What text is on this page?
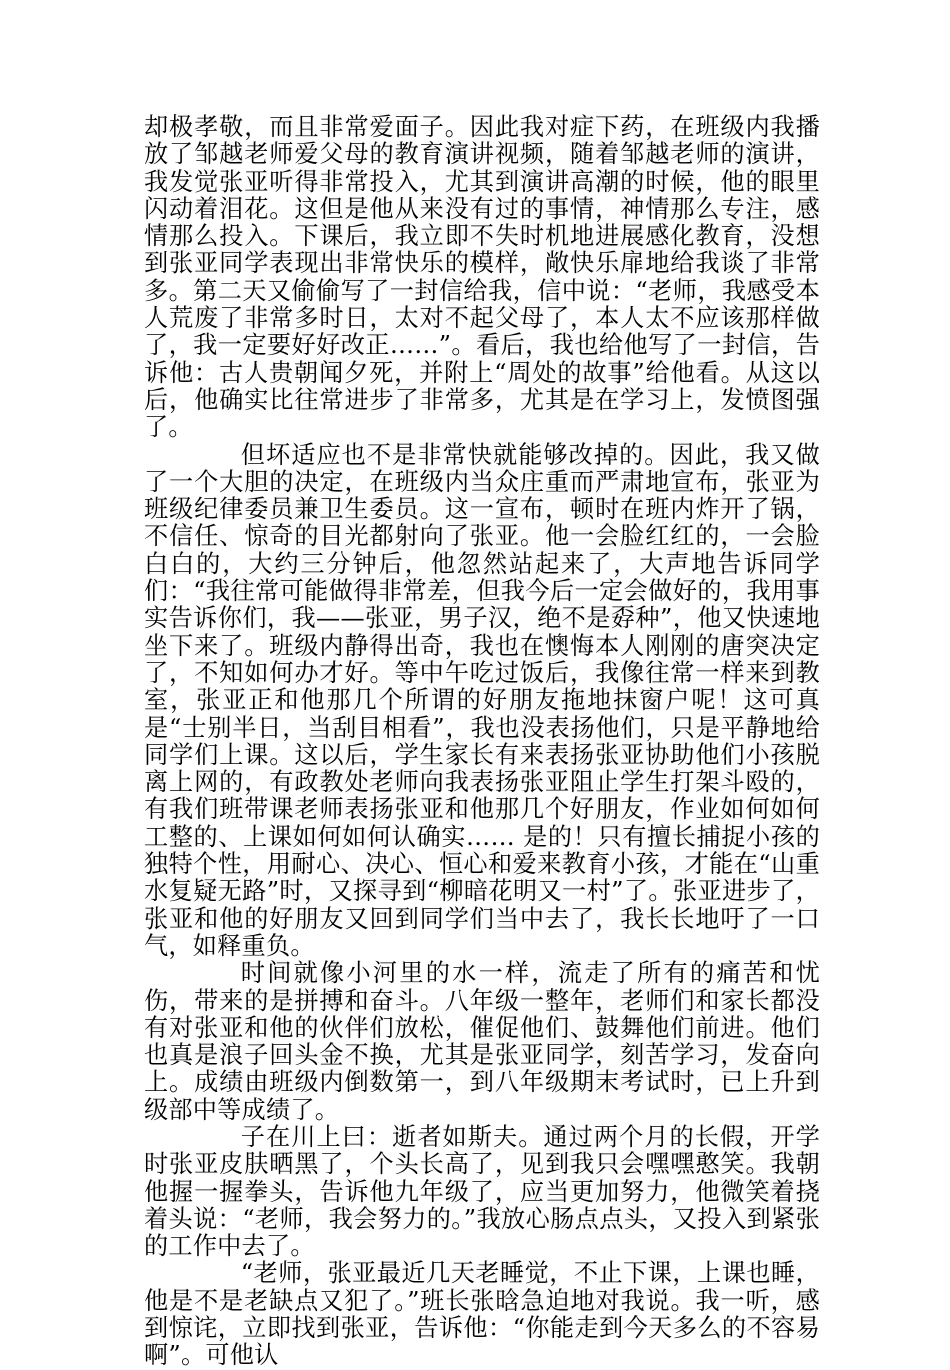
却极孝敬，而且非常爱面子。因此我对症下药，在班级内我播放了邹越老师爱父母的教育演讲视频，随着邹越老师的演讲，我发觉张亚听得非常投入，尤其到演讲高潮的时候，他的眼里闪动着泪花。这但是他从来没有过的事情，神情那么专注，感情那么投入。下课后，我立即不失时机地进展感化教育，没想到张亚同学表现出非常快乐的模样，敞快乐扉地给我谈了非常多。第二天又偷偷写了一封信给我，信中说：“老师，我感受本人荒废了非常多时日，太对不起父母了，本人太不应该那样做了，我一定要好好改正……”。看后，我也给他写了一封信，告诉他：古人贵朝闻夕死，并附上“周处的故事”给他看。从这以后，他确实比往常进步了非常多，尤其是在学习上，发愤图强了。

但坏适应也不是非常快就能够改掉的。因此，我又做了一个大胆的决定，在班级内当众庄重而严肃地宣布，张亚为班级纪律委员兼卫生委员。这一宣布，顿时在班内炸开了锅，不信任、惊奇的目光都射向了张亚。他一会脸红红的，一会脸白白的，大约三分钟后，他忽然站起来了，大声地告诉同学们：“我往常可能做得非常差，但我今后一定会做好的，我用事实告诉你们，我——张亚，男子汉，绝不是孬种”，他又快速地坐下来了。班级内静得出奇，我也在懊悔本人刚刚的唐突决定了，不知如何办才好。等中午吃过饭后，我像往常一样来到教室，张亚正和他那几个所谓的好朋友拖地抹窗户呢！这可真是“士别半日，当刮目相看”，我也没表扬他们，只是平静地给同学们上课。这以后，学生家长有来表扬张亚协助他们小孩脱离上网的，有政教处老师向我表扬张亚阻止学生打架斗殴的，有我们班带课老师表扬张亚和他那几个好朋友，作业如何如何工整的、上课如何如何认确实…… 是的！只有擅长捕捉小孩的独特个性，用耐心、决心、恒心和爱来教育小孩，才能在“山重水复疑无路”时，又探寻到“柳暗花明又一村”了。张亚进步了，张亚和他的好朋友又回到同学们当中去了，我长长地吁了一口气，如释重负。

时间就像小河里的水一样，流走了所有的痛苦和忧伤，带来的是拼搏和奋斗。八年级一整年，老师们和家长都没有对张亚和他的伙伴们放松，催促他们、鼓舞他们前进。他们也真是浪子回头金不换，尤其是张亚同学，刻苦学习，发奋向上。成绩由班级内倒数第一，到八年级期末考试时，已上升到级部中等成绩了。

子在川上曰：逝者如斯夫。通过两个月的长假，开学时张亚皮肤晒黑了，个头长高了，见到我只会嘿嘿憨笑。我朝他握一握拳头，告诉他九年级了，应当更加努力，他微笑着挠着头说：“老师，我会努力的。”我放心肠点点头，又投入到紧张的工作中去了。

“老师，张亚最近几天老睡觉，不止下课，上课也睡，他是不是老缺点又犯了。”班长张晗急迫地对我说。我一听，感到惊诧，立即找到张亚，告诉他：“你能走到今天多么的不容易啊”。可他认
